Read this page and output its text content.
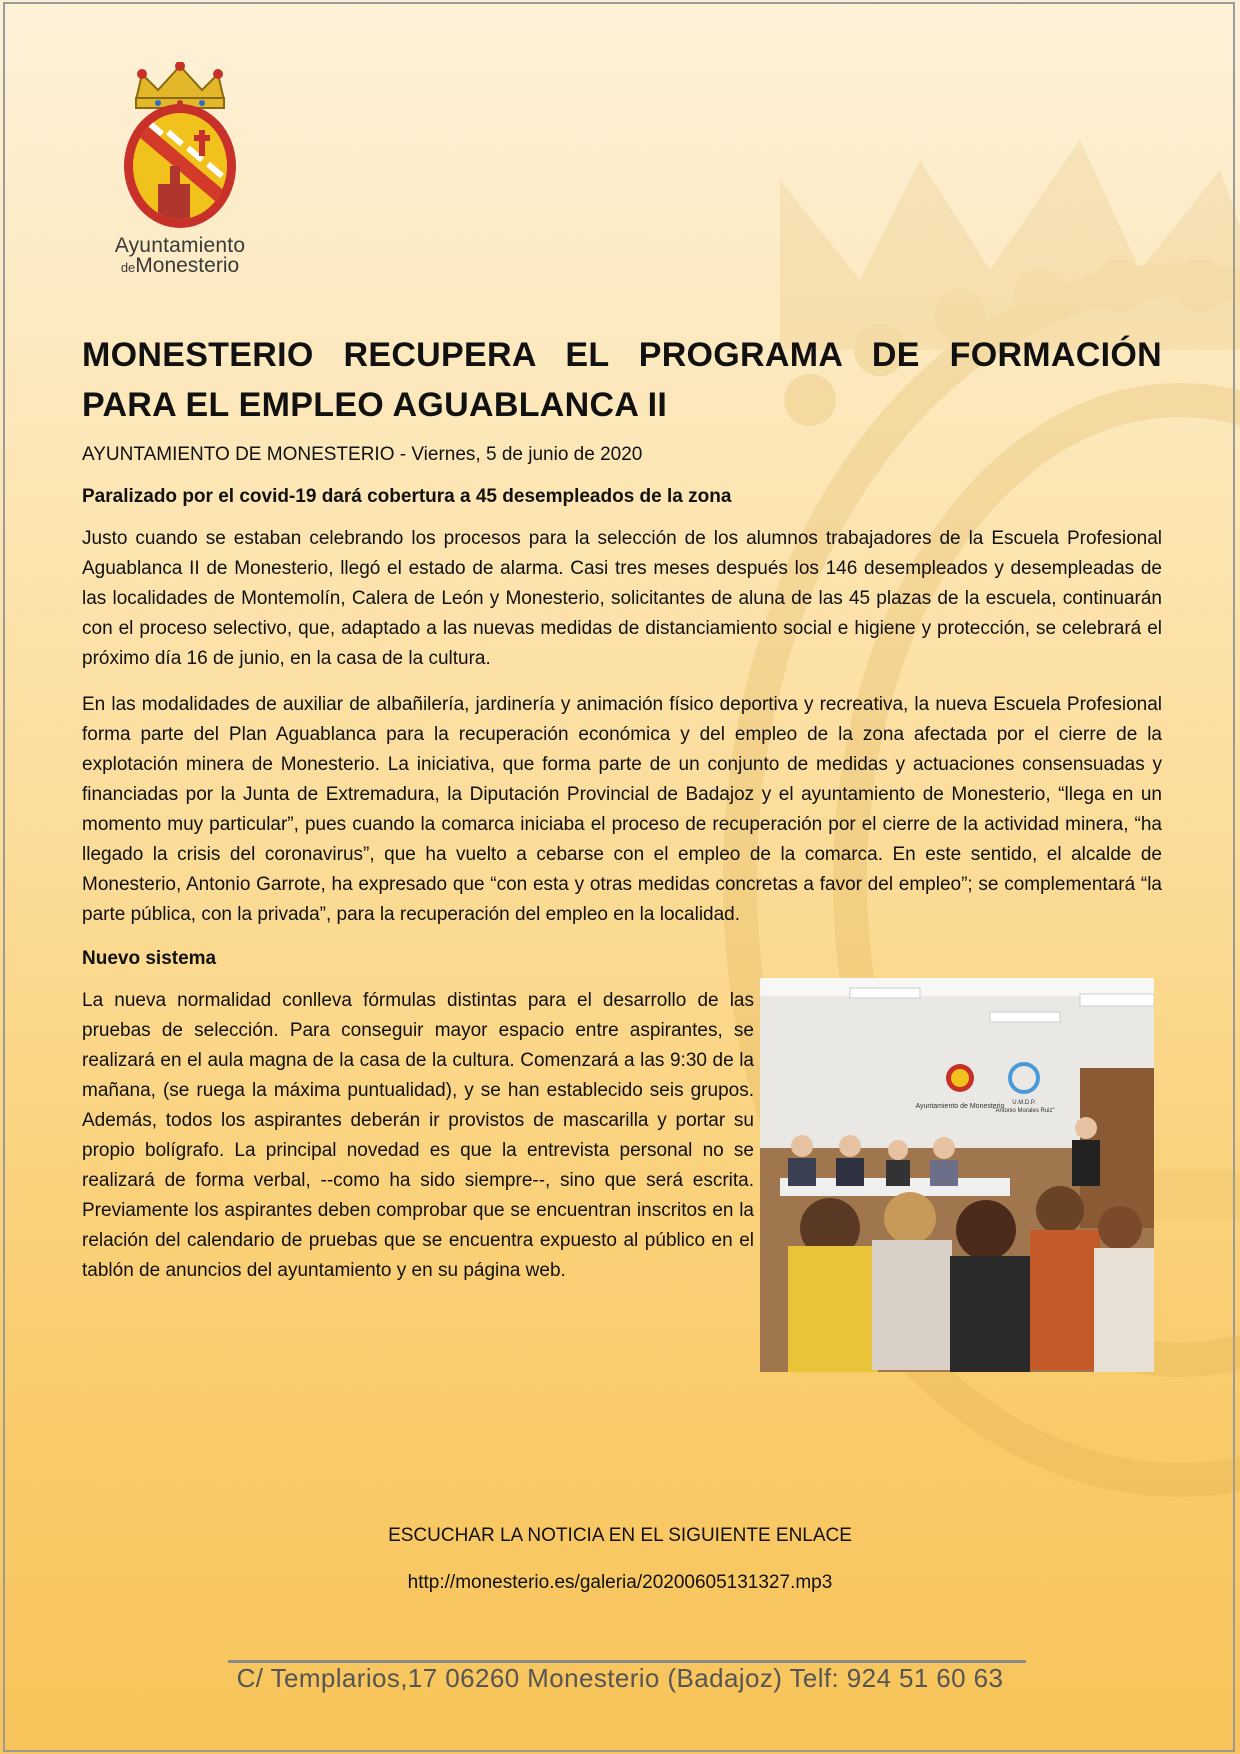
Ayuntamiento
deMonesterio
MONESTERIO RECUPERA EL PROGRAMA DE FORMACIÓN PARA EL EMPLEO AGUABLANCA II
AYUNTAMIENTO DE MONESTERIO - Viernes, 5 de junio de 2020
Paralizado por el covid-19 dará cobertura a 45 desempleados de la zona

Justo cuando se estaban celebrando los procesos para la selección de los alumnos trabajadores de la Escuela Profesional Aguablanca II de Monesterio, llegó el estado de alarma. Casi tres meses después los 146 desempleados y desempleadas de las localidades de Montemolín, Calera de León y Monesterio, solicitantes de aluna de las 45 plazas de la escuela, continuarán con el proceso selectivo, que, adaptado a las nuevas medidas de distanciamiento social e higiene y protección, se celebrará el próximo día 16 de junio, en la casa de la cultura.

En las modalidades de auxiliar de albañilería, jardinería y animación físico deportiva y recreativa, la nueva Escuela Profesional forma parte del Plan Aguablanca para la recuperación económica y del empleo de la zona afectada por el cierre de la explotación minera de Monesterio. La iniciativa, que forma parte de un conjunto de medidas y actuaciones consensuadas y financiadas por la Junta de Extremadura, la Diputación Provincial de Badajoz y el ayuntamiento de Monesterio, “llega en un momento muy particular”, pues cuando la comarca iniciaba el proceso de recuperación por el cierre de la actividad minera, “ha llegado la crisis del coronavirus”, que ha vuelto a cebarse con el empleo de la comarca. En este sentido, el alcalde de Monesterio, Antonio Garrote, ha expresado que “con esta y otras medidas concretas a favor del empleo”; se complementará “la parte pública, con la privada”, para la recuperación del empleo en la localidad.

Nuevo sistema

La nueva normalidad conlleva fórmulas distintas para el desarrollo de las pruebas de selección. Para conseguir mayor espacio entre aspirantes, se realizará en el aula magna de la casa de la cultura. Comenzará a las 9:30 de la mañana, (se ruega la máxima puntualidad), y se han establecido seis grupos. Además, todos los aspirantes deberán ir provistos de mascarilla y portar su propio bolígrafo. La principal novedad es que la entrevista personal no se realizará de forma verbal, --como ha sido siempre--, sino que será escrita. Previamente los aspirantes deben comprobar que se encuentran inscritos en la relación del calendario de pruebas que se encuentra expuesto al público en el tablón de anuncios del ayuntamiento y en su página web.

Ayuntamiento de Monesterio U.M.D.P.
"Antonio Morales Ruiz"
ESCUCHAR LA NOTICIA EN EL SIGUIENTE ENLACE
http://monesterio.es/galeria/20200605131327.mp3
C/ Templarios,17 06260 Monesterio (Badajoz) Telf: 924 51 60 63
